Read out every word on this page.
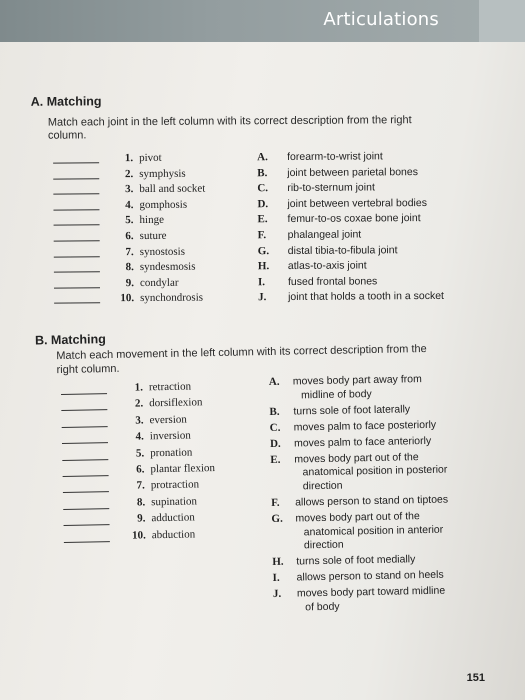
Articulations
A. Matching
Match each joint in the left column with its correct description from the right column.
1. pivot
2. symphysis
3. ball and socket
4. gomphosis
5. hinge
6. suture
7. synostosis
8. syndesmosis
9. condylar
10. synchondrosis
A. forearm-to-wrist joint
B. joint between parietal bones
C. rib-to-sternum joint
D. joint between vertebral bodies
E. femur-to-os coxae bone joint
F. phalangeal joint
G. distal tibia-to-fibula joint
H. atlas-to-axis joint
I. fused frontal bones
J. joint that holds a tooth in a socket
B. Matching
Match each movement in the left column with its correct description from the
right column.
1. retraction
2. dorsiflexion
3. eversion
4. inversion
5. pronation
6. plantar flexion
7. protraction
8. supination
9. adduction
10. abduction
A. moves body part away from
midline of body
B. turns sole of foot laterally
C. moves palm to face posteriorly
D. moves palm to face anteriorly
E. moves body part out of the
anatomical position in posterior
direction
F. allows person to stand on tiptoes
G. moves body part out of the
anatomical position in anterior
direction
H. turns sole of foot medially
I. allows person to stand on heels
J. moves body part toward midline
of body
151
